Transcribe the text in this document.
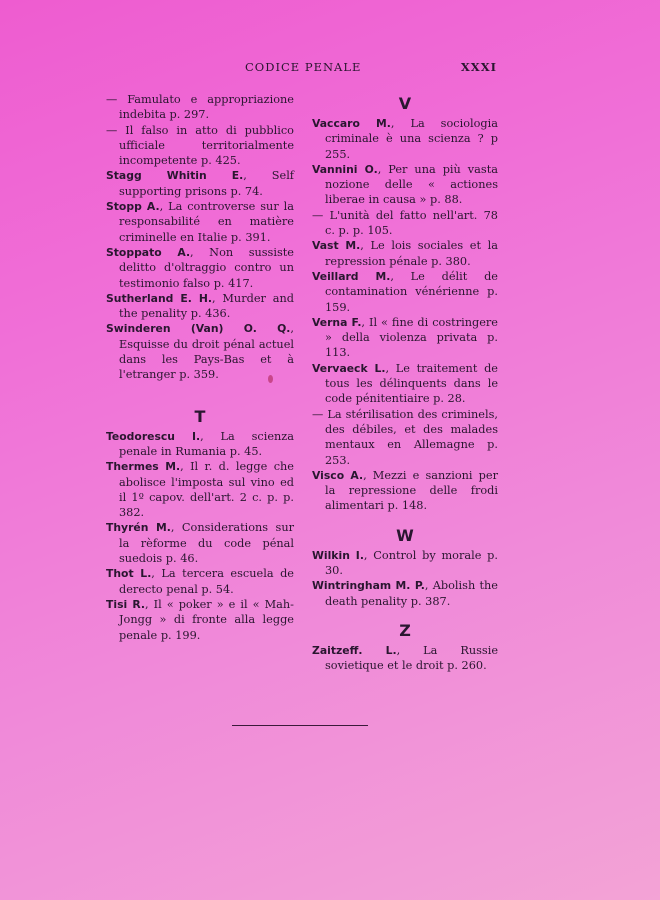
CODICE PENALE	XXXI
— Famulato e appropriazione indebita p. 297.
— Il falso in atto di pubblico ufficiale territorialmente incompetente p. 425.
Stagg Whitin E., Self supporting prisons p. 74.
Stopp A., La controverse sur la responsabilité en matière criminelle en Italie p. 391.
Stoppato A., Non sussiste delitto d'oltraggio contro un testimonio falso p. 417.
Sutherland E. H., Murder and the penality p. 436.
Swinderen (Van) O. Q., Esquisse du droit pénal actuel dans les Pays-Bas et à l'etranger p. 359.
T
Teodorescu I., La scienza penale in Rumania p. 45.
Thermes M., Il r. d. legge che abolisce l'imposta sul vino ed il 1º capov. dell'art. 2 c. p. p. 382.
Thyrén M., Considerations sur la rèforme du code pénal suedois p. 46.
Thot L., La tercera escuela de derecto penal p. 54.
Tisi R., Il « poker » e il « Mah-Jongg » di fronte alla legge penale p. 199.
V
Vaccaro M., La sociologia criminale è una scienza ? p 255.
Vannini O., Per una più vasta nozione delle « actiones liberae in causa » p. 88.
— L'unità del fatto nell'art. 78 c. p. p. 105.
Vast M., Le lois sociales et la repression pénale p. 380.
Veillard M., Le délit de contamination vénérienne p. 159.
Verna F., Il « fine di costringere » della violenza privata p. 113.
Vervaeck L., Le traitement de tous les délinquents dans le code pénitentiaire p. 28.
— La stérilisation des criminels, des débiles, et des malades mentaux en Allemagne p. 253.
Visco A., Mezzi e sanzioni per la repressione delle frodi alimentari p. 148.
W
Wilkin I., Control by morale p. 30.
Wintringham M. P., Abolish the death penality p. 387.
Z
Zaitzeff. L., La Russie sovietique et le droit p. 260.
